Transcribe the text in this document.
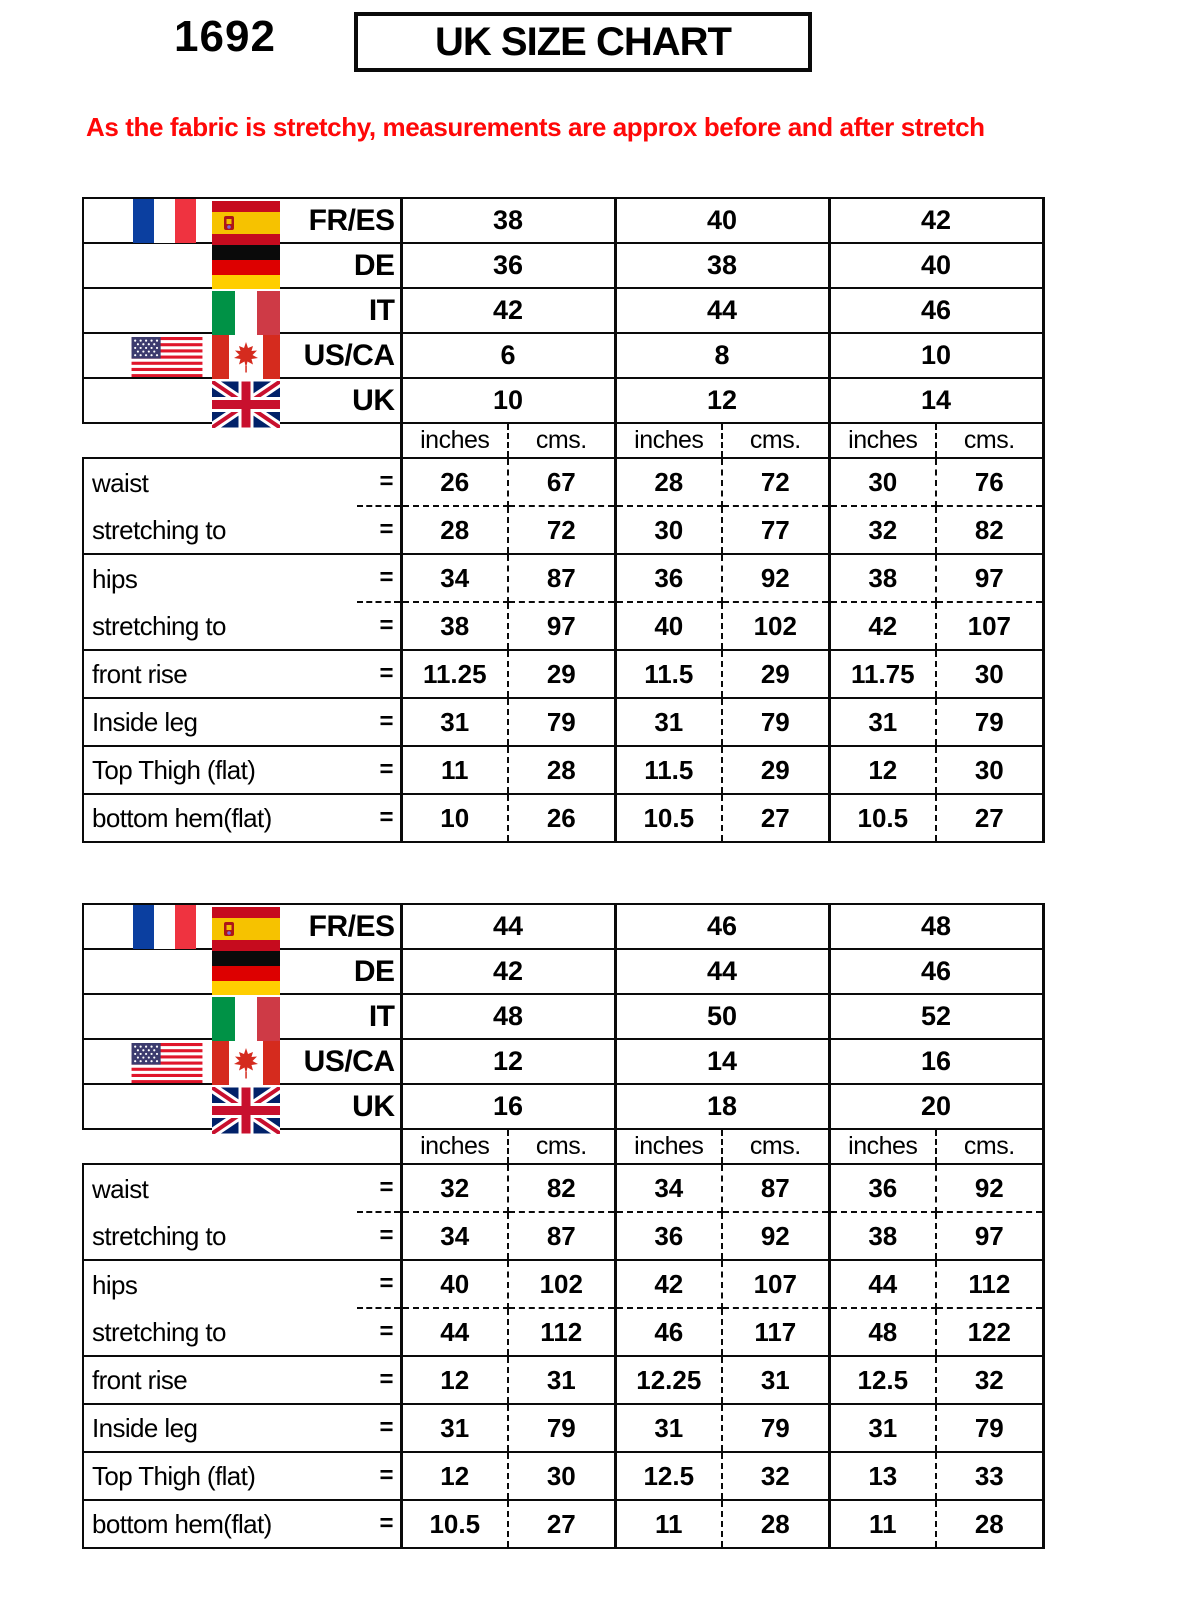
1692	UK SIZE CHART
As the fabric is stretchy, measurements are approx before and after stretch
FR/ES		38		40		42	

DE		36		38		40	

IT		42		44		46	

US/CA		6		8		10	

UK		10		12		14	
		inches	cms.	inches	cms.	inches	cms.
waist	=	26	67	28	72	30	76
stretching to	=	28	72	30	77	32	82
hips	=	34	87	36	92	38	97
stretching to	=	38	97	40	102	42	107
front rise	=	11.25	29	11.5	29	11.75	30
Inside leg	=	31	79	31	79	31	79
Top Thigh (flat)	=	11	28	11.5	29	12	30
bottom hem(flat)	=	10	26	10.5	27	10.5	27
FR/ES		44		46		48	

DE		42		44		46	

IT		48		50		52	

US/CA		12		14		16	

UK		16		18		20	
		inches	cms.	inches	cms.	inches	cms.
waist	=	32	82	34	87	36	92
stretching to	=	34	87	36	92	38	97
hips	=	40	102	42	107	44	112
stretching to	=	44	112	46	117	48	122
front rise	=	12	31	12.25	31	12.5	32
Inside leg	=	31	79	31	79	31	79
Top Thigh (flat)	=	12	30	12.5	32	13	33
bottom hem(flat)	=	10.5	27	11	28	11	28
